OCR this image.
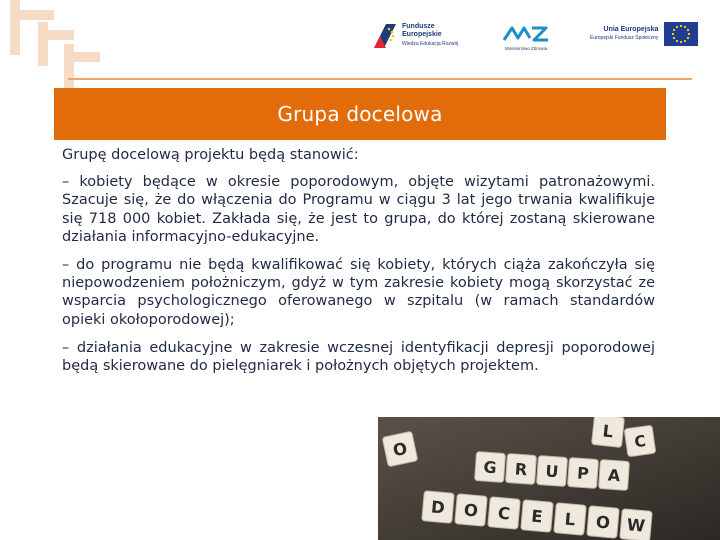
Fundusze
Europejskie
Wiedza Edukacja Rozwój
Ministerstwo Zdrowia
Unia Europejska
Europejski Fundusz Społeczny
Grupa docelowa

Grupę docelową projektu będą stanowić:

– kobiety będące w okresie poporodowym, objęte wizytami patronażowymi. Szacuje się, że do włączenia do Programu w ciągu 3 lat jego trwania kwalifikuje się 718 000 kobiet. Zakłada się, że jest to grupa, do której zostaną skierowane działania informacyjno-edukacyjne.

– do programu nie będą kwalifikować się kobiety, których ciąża zakończyła się niepowodzeniem położniczym, gdyż w tym zakresie kobiety mogą skorzystać ze wsparcia psychologicznego oferowanego w szpitalu (w ramach standardów opieki okołoporodowej);

– działania edukacyjne w zakresie wczesnej identyfikacji depresji poporodowej będą skierowane do pielęgniarek i położnych objętych projektem.

O
L
C
G R U P A
D O C E L O W
